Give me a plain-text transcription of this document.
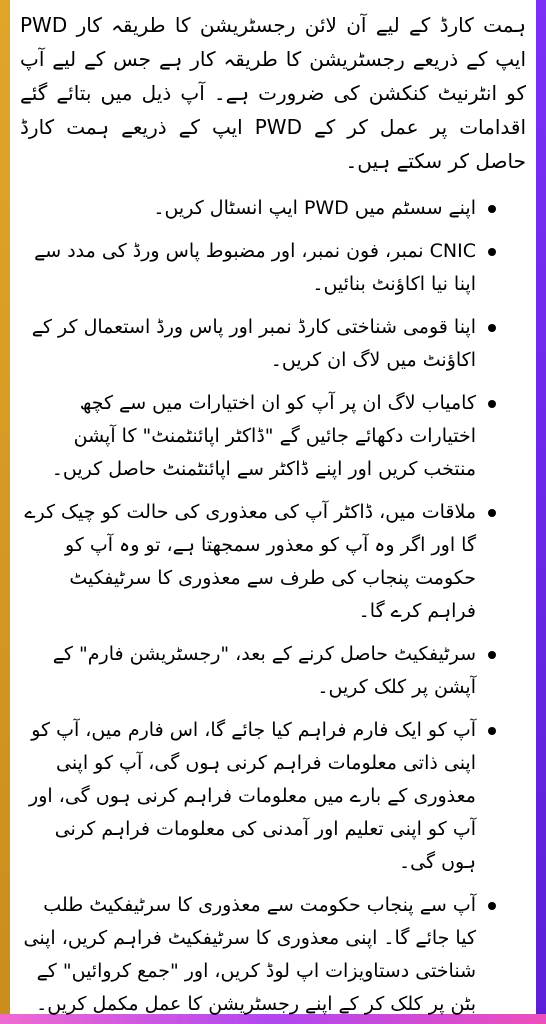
ہمت کارڈ کے لیے آن لائن رجسٹریشن کا طریقہ کار PWD ایپ کے ذریعے رجسٹریشن کا طریقہ کار ہے جس کے لیے آپ کو انٹرنیٹ کنکشن کی ضرورت ہے۔ آپ ذیل میں بتائے گئے اقدامات پر عمل کر کے PWD ایپ کے ذریعے ہمت کارڈ حاصل کر سکتے ہیں۔

اپنے سسٹم میں PWD ایپ انسٹال کریں۔
CNIC نمبر، فون نمبر، اور مضبوط پاس ورڈ کی مدد سے اپنا نیا اکاؤنٹ بنائیں۔
اپنا قومی شناختی کارڈ نمبر اور پاس ورڈ استعمال کر کے اکاؤنٹ میں لاگ ان کریں۔
کامیاب لاگ ان پر آپ کو ان اختیارات میں سے کچھ اختیارات دکھائے جائیں گے "ڈاکٹر اپائنٹمنٹ" کا آپشن منتخب کریں اور اپنے ڈاکٹر سے اپائنٹمنٹ حاصل کریں۔
ملاقات میں، ڈاکٹر آپ کی معذوری کی حالت کو چیک کرے گا اور اگر وہ آپ کو معذور سمجھتا ہے، تو وہ آپ کو حکومت پنجاب کی طرف سے معذوری کا سرٹیفکیٹ فراہم کرے گا۔
سرٹیفکیٹ حاصل کرنے کے بعد، "رجسٹریشن فارم" کے آپشن پر کلک کریں۔
آپ کو ایک فارم فراہم کیا جائے گا، اس فارم میں، آپ کو اپنی ذاتی معلومات فراہم کرنی ہوں گی، آپ کو اپنی معذوری کے بارے میں معلومات فراہم کرنی ہوں گی، اور آپ کو اپنی تعلیم اور آمدنی کی معلومات فراہم کرنی ہوں گی۔
آپ سے پنجاب حکومت سے معذوری کا سرٹیفکیٹ طلب کیا جائے گا۔ اپنی معذوری کا سرٹیفکیٹ فراہم کریں، اپنی شناختی دستاویزات اپ لوڈ کریں، اور "جمع کروائیں" کے بٹن پر کلک کر کے اپنے رجسٹریشن کا عمل مکمل کریں۔
